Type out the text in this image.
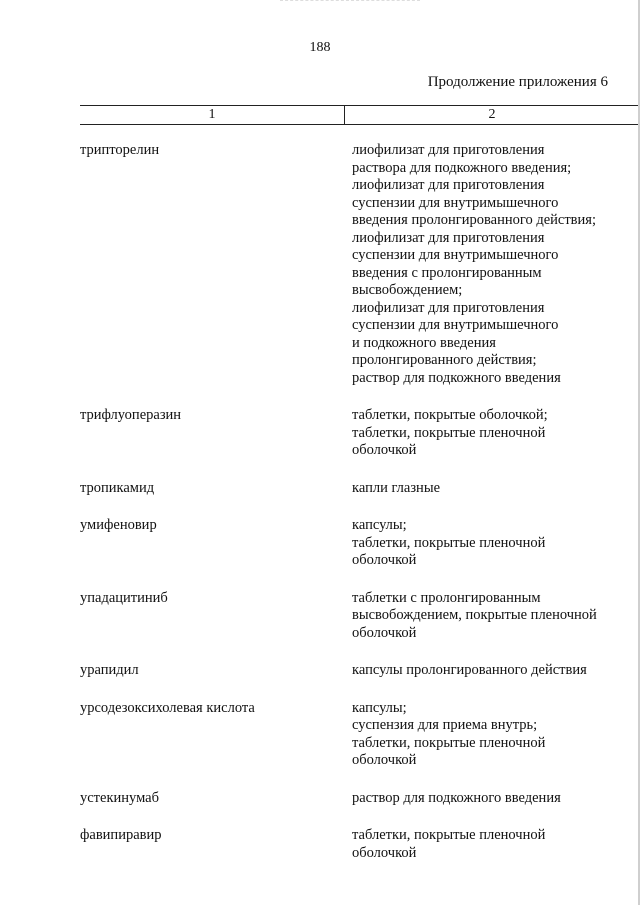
188
Продолжение приложения 6
1	2
трипторелин	лиофилизат для приготовления
раствора для подкожного введения;
лиофилизат для приготовления
суспензии для внутримышечного
введения пролонгированного действия;
лиофилизат для приготовления
суспензии для внутримышечного
введения с пролонгированным
высвобождением;
лиофилизат для приготовления
суспензии для внутримышечного
и подкожного введения
пролонгированного действия;
раствор для подкожного введения
трифлуоперазин	таблетки, покрытые оболочкой;
таблетки, покрытые пленочной
оболочкой
тропикамид	капли глазные
умифеновир	капсулы;
таблетки, покрытые пленочной
оболочкой
упадацитиниб	таблетки с пролонгированным
высвобождением, покрытые пленочной
оболочкой
урапидил	капсулы пролонгированного действия
урсодезоксихолевая кислота	капсулы;
суспензия для приема внутрь;
таблетки, покрытые пленочной
оболочкой
устекинумаб	раствор для подкожного введения
фавипиравир	таблетки, покрытые пленочной
оболочкой
